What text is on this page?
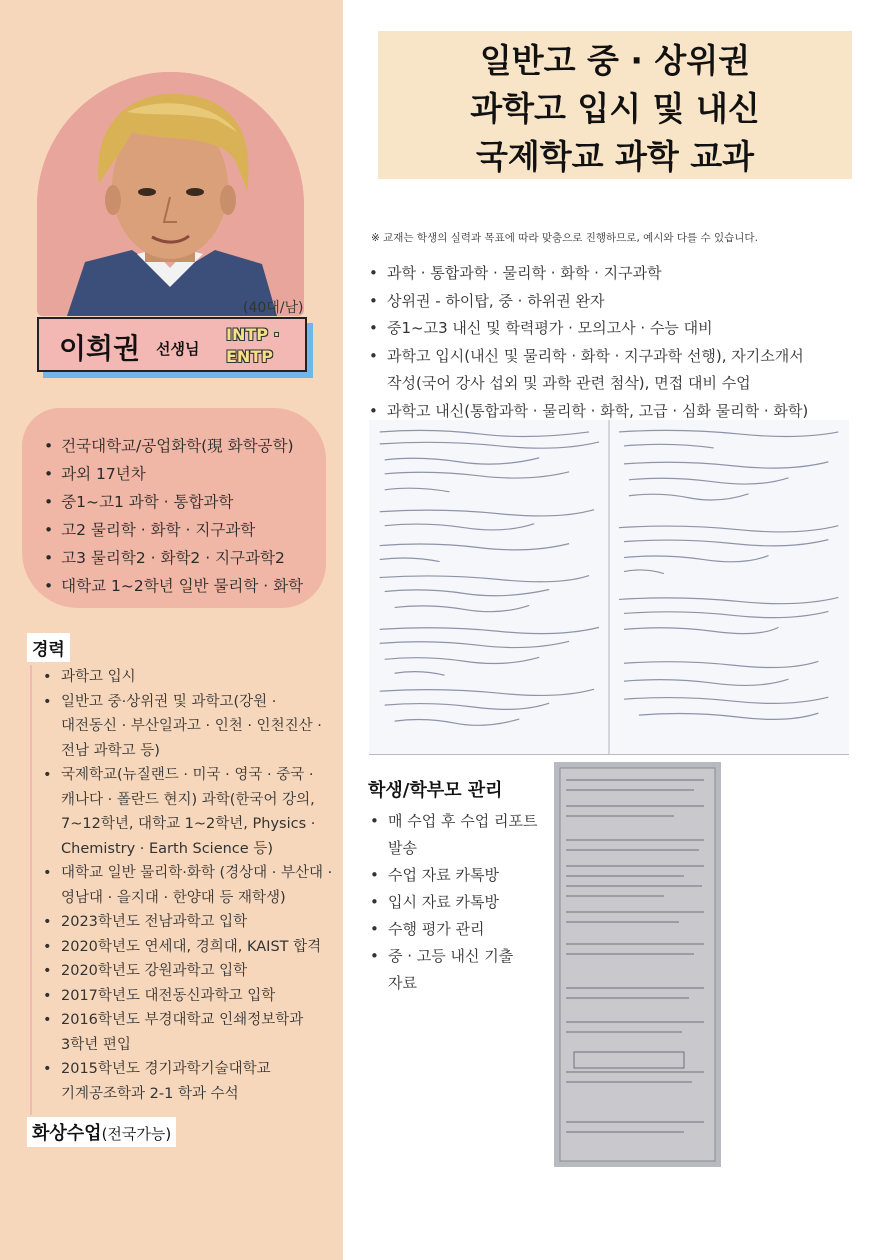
(40대/남)
이희권 선생님
INTP ·
ENTP
• 건국대학교/공업화학(現 화학공학)
• 과외 17년차
• 중1~고1 과학 · 통합과학
• 고2 물리학 · 화학 · 지구과학
• 고3 물리학2 · 화학2 · 지구과학2
• 대학교 1~2학년 일반 물리학 · 화학
경력
• 과학고 입시
• 일반고 중·상위권 및 과학고(강원 ·
대전동신 · 부산일과고 · 인천 · 인천진산 ·
전남 과학고 등)
• 국제학교(뉴질랜드 · 미국 · 영국 · 중국 ·
캐나다 · 폴란드 현지) 과학(한국어 강의,
7~12학년, 대학교 1~2학년, Physics ·
Chemistry · Earth Science 등)
• 대학교 일반 물리학·화학 (경상대 · 부산대 ·
영남대 · 을지대 · 한양대 등 재학생)
• 2023학년도 전남과학고 입학
• 2020학년도 연세대, 경희대, KAIST 합격
• 2020학년도 강원과학고 입학
• 2017학년도 대전동신과학고 입학
• 2016학년도 부경대학교 인쇄정보학과
3학년 편입
• 2015학년도 경기과학기술대학교
기계공조학과 2-1 학과 수석
화상수업(전국가능)
일반고 중 · 상위권
과학고 입시 및 내신
국제학교 과학 교과
※ 교재는 학생의 실력과 목표에 따라 맞춤으로 진행하므로, 예시와 다를 수 있습니다.
• 과학 · 통합과학 · 물리학 · 화학 · 지구과학
• 상위권 - 하이탑, 중 · 하위권 완자
• 중1~고3 내신 및 학력평가 · 모의고사 · 수능 대비
• 과학고 입시(내신 및 물리학 · 화학 · 지구과학 선행), 자기소개서
작성(국어 강사 섭외 및 과학 관련 첨삭), 면접 대비 수업
• 과학고 내신(통합과학 · 물리학 · 화학, 고급 · 심화 물리학 · 화학)
학생/학부모 관리
• 매 수업 후 수업 리포트
발송
• 수업 자료 카톡방
• 입시 자료 카톡방
• 수행 평가 관리
• 중 · 고등 내신 기출
자료
